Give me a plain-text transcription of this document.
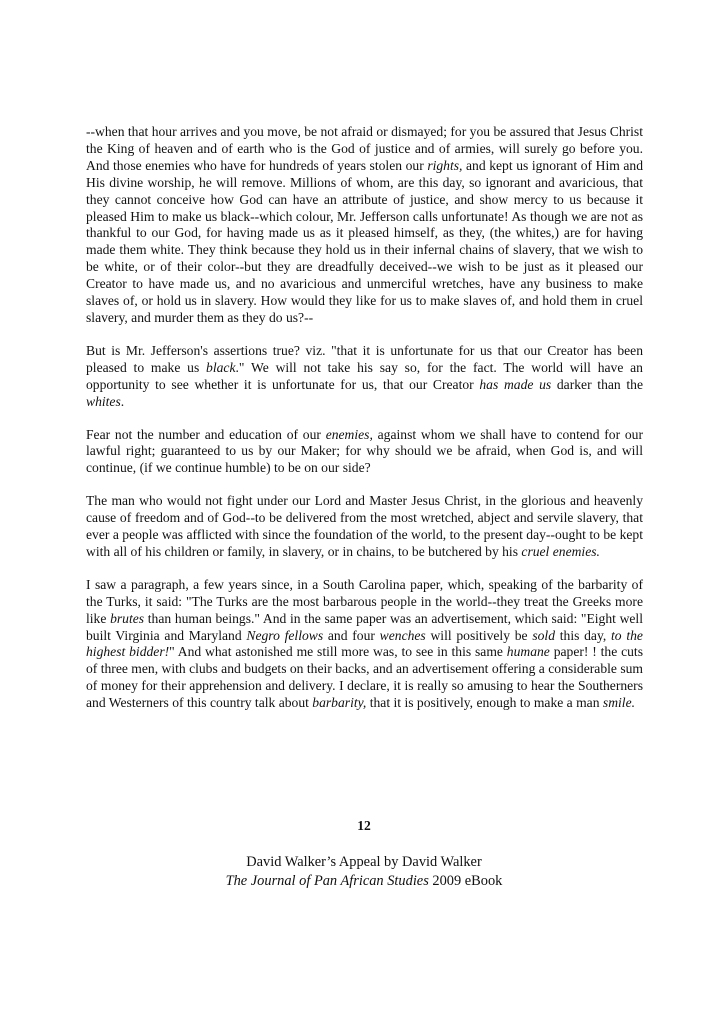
--when that hour arrives and you move, be not afraid or dismayed; for you be assured that Jesus Christ the King of heaven and of earth who is the God of justice and of armies, will surely go before you. And those enemies who have for hundreds of years stolen our rights, and kept us ignorant of Him and His divine worship, he will remove. Millions of whom, are this day, so ignorant and avaricious, that they cannot conceive how God can have an attribute of justice, and show mercy to us because it pleased Him to make us black--which colour, Mr. Jefferson calls unfortunate! As though we are not as thankful to our God, for having made us as it pleased himself, as they, (the whites,) are for having made them white. They think because they hold us in their infernal chains of slavery, that we wish to be white, or of their color--but they are dreadfully deceived--we wish to be just as it pleased our Creator to have made us, and no avaricious and unmerciful wretches, have any business to make slaves of, or hold us in slavery. How would they like for us to make slaves of, and hold them in cruel slavery, and murder them as they do us?--

But is Mr. Jefferson's assertions true? viz. "that it is unfortunate for us that our Creator has been pleased to make us black." We will not take his say so, for the fact. The world will have an opportunity to see whether it is unfortunate for us, that our Creator has made us darker than the whites.

Fear not the number and education of our enemies, against whom we shall have to contend for our lawful right; guaranteed to us by our Maker; for why should we be afraid, when God is, and will continue, (if we continue humble) to be on our side?

The man who would not fight under our Lord and Master Jesus Christ, in the glorious and heavenly cause of freedom and of God--to be delivered from the most wretched, abject and servile slavery, that ever a people was afflicted with since the foundation of the world, to the present day--ought to be kept with all of his children or family, in slavery, or in chains, to be butchered by his cruel enemies.

I saw a paragraph, a few years since, in a South Carolina paper, which, speaking of the barbarity of the Turks, it said: "The Turks are the most barbarous people in the world--they treat the Greeks more like brutes than human beings." And in the same paper was an advertisement, which said: "Eight well built Virginia and Maryland Negro fellows and four wenches will positively be sold this day, to the highest bidder!" And what astonished me still more was, to see in this same humane paper! ! the cuts of three men, with clubs and budgets on their backs, and an advertisement offering a considerable sum of money for their apprehension and delivery. I declare, it is really so amusing to hear the Southerners and Westerners of this country talk about barbarity, that it is positively, enough to make a man smile.

12
David Walker’s Appeal by David Walker
The Journal of Pan African Studies 2009 eBook
